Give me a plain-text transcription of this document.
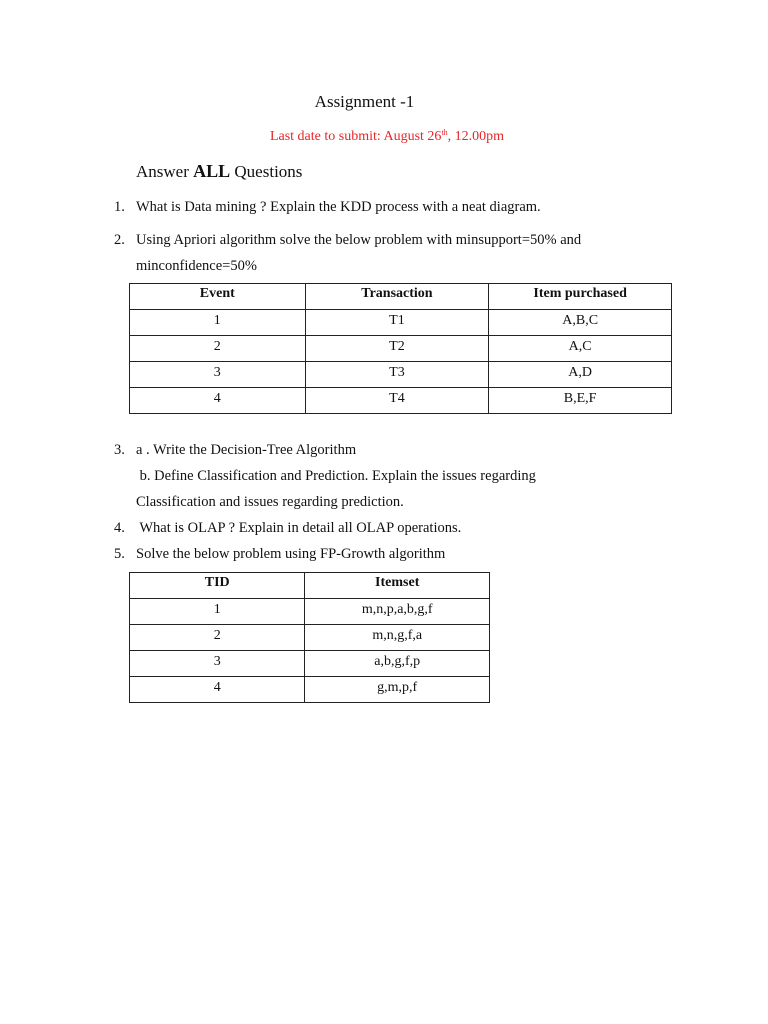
Assignment -1
Last date to submit: August 26th, 12.00pm
Answer ALL Questions
1. What is Data mining ? Explain the KDD process with a neat diagram.
2. Using Apriori algorithm solve the below problem with minsupport=50% and
minconfidence=50%
Event	Transaction	Item purchased
1	T1	A,B,C
2	T2	A,C
3	T3	A,D
4	T4	B,E,F
3. a . Write the Decision-Tree Algorithm
b. Define Classification and Prediction. Explain the issues regarding
Classification and issues regarding prediction.
4. What is OLAP ? Explain in detail all OLAP operations.
5. Solve the below problem using FP-Growth algorithm
TID	Itemset
1	m,n,p,a,b,g,f
2	m,n,g,f,a
3	a,b,g,f,p
4	g,m,p,f
